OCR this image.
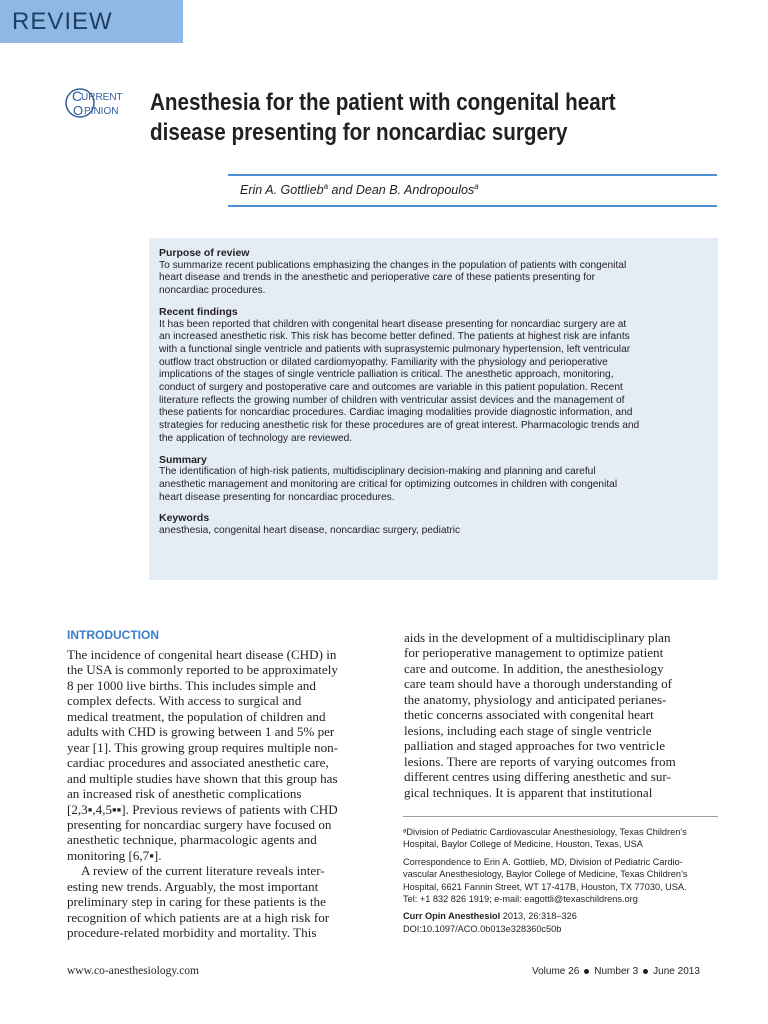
REVIEW
C
O
URRENT
PINION Anesthesia for the patient with congenital heart
disease presenting for noncardiac surgery
Erin A. Gottlieb$^a$ and Dean B. Andropoulos$^a$
Purpose of review
To summarize recent publications emphasizing the changes in the population of patients with congenital
heart disease and trends in the anesthetic and perioperative care of these patients presenting for
noncardiac procedures.
Recent findings
It has been reported that children with congenital heart disease presenting for noncardiac surgery are at
an increased anesthetic risk. This risk has become better defined. The patients at highest risk are infants
with a functional single ventricle and patients with suprasystemic pulmonary hypertension, left ventricular
outflow tract obstruction or dilated cardiomyopathy. Familiarity with the physiology and perioperative
implications of the stages of single ventricle palliation is critical. The anesthetic approach, monitoring,
conduct of surgery and postoperative care and outcomes are variable in this patient population. Recent
literature reflects the growing number of children with ventricular assist devices and the management of
these patients for noncardiac procedures. Cardiac imaging modalities provide diagnostic information, and
strategies for reducing anesthetic risk for these procedures are of great interest. Pharmacologic trends and
the application of technology are reviewed.
Summary
The identification of high-risk patients, multidisciplinary decision-making and planning and careful
anesthetic management and monitoring are critical for optimizing outcomes in children with congenital
heart disease presenting for noncardiac procedures.
Keywords
anesthesia, congenital heart disease, noncardiac surgery, pediatric
INTRODUCTION
The incidence of congenital heart disease (CHD) in
the USA is commonly reported to be approximately
8 per 1000 live births. This includes simple and
complex defects. With access to surgical and
medical treatment, the population of children and
adults with CHD is growing between 1 and 5% per
year [1]. This growing group requires multiple non-
cardiac procedures and associated anesthetic care,
and multiple studies have shown that this group has
an increased risk of anesthetic complications
[2,3▪,4,5▪▪]. Previous reviews of patients with CHD
presenting for noncardiac surgery have focused on
anesthetic technique, pharmacologic agents and
monitoring [6,7▪].
A review of the current literature reveals inter-
esting new trends. Arguably, the most important
preliminary step in caring for these patients is the
recognition of which patients are at a high risk for
procedure-related morbidity and mortality. This
aids in the development of a multidisciplinary plan
for perioperative management to optimize patient
care and outcome. In addition, the anesthesiology
care team should have a thorough understanding of
the anatomy, physiology and anticipated perianes-
thetic concerns associated with congenital heart
lesions, including each stage of single ventricle
palliation and staged approaches for two ventricle
lesions. There are reports of varying outcomes from
different centres using differing anesthetic and sur-
gical techniques. It is apparent that institutional
ᵃDivision of Pediatric Cardiovascular Anesthesiology, Texas Children’s
Hospital, Baylor College of Medicine, Houston, Texas, USA
Correspondence to Erin A. Gottlieb, MD, Division of Pediatric Cardio-
vascular Anesthesiology, Baylor College of Medicine, Texas Children’s
Hospital, 6621 Fannin Street, WT 17-417B, Houston, TX 77030, USA.
Tel: +1 832 826 1919; e-mail: eagottli@texaschildrens.org
Curr Opin Anesthesiol 2013, 26:318–326
DOI:10.1097/ACO.0b013e328360c50b
www.co-anesthesiology.com	Volume 26 Number 3 June 2013
